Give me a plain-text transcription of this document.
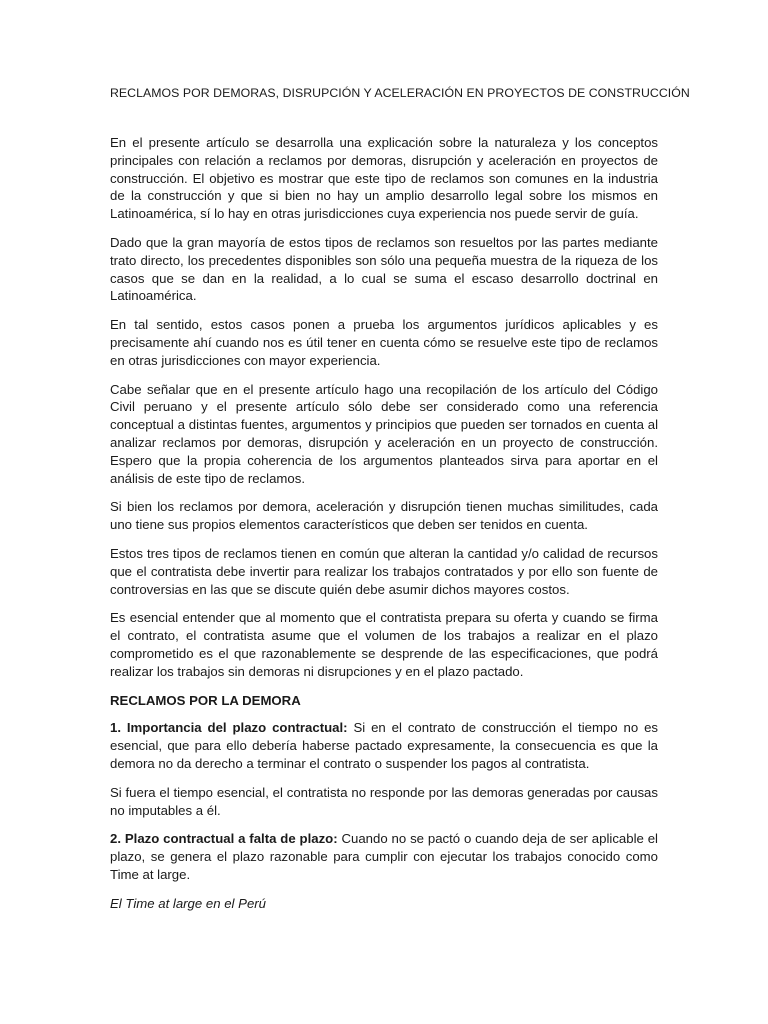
RECLAMOS POR DEMORAS, DISRUPCIÓN Y ACELERACIÓN EN PROYECTOS DE CONSTRUCCIÓN

En el presente artículo se desarrolla una explicación sobre la naturaleza y los conceptos principales con relación a reclamos por demoras, disrupción y aceleración en proyectos de construcción. El objetivo es mostrar que este tipo de reclamos son comunes en la industria de la construcción y que si bien no hay un amplio desarrollo legal sobre los mismos en Latinoamérica, sí lo hay en otras jurisdicciones cuya experiencia nos puede servir de guía.

Dado que la gran mayoría de estos tipos de reclamos son resueltos por las partes mediante trato directo, los precedentes disponibles son sólo una pequeña muestra de la riqueza de los casos que se dan en la realidad, a lo cual se suma el escaso desarrollo doctrinal en Latinoamérica.

En tal sentido, estos casos ponen a prueba los argumentos jurídicos aplicables y es precisamente ahí cuando nos es útil tener en cuenta cómo se resuelve este tipo de reclamos en otras jurisdicciones con mayor experiencia.

Cabe señalar que en el presente artículo hago una recopilación de los artículo del Código Civil peruano y el presente artículo sólo debe ser considerado como una referencia conceptual a distintas fuentes, argumentos y principios que pueden ser tornados en cuenta al analizar reclamos por demoras, disrupción y aceleración en un proyecto de construcción. Espero que la propia coherencia de los argumentos planteados sirva para aportar en el análisis de este tipo de reclamos.

Si bien los reclamos por demora, aceleración y disrupción tienen muchas similitudes, cada uno tiene sus propios elementos característicos que deben ser tenidos en cuenta.

Estos tres tipos de reclamos tienen en común que alteran la cantidad y/o calidad de recursos que el contratista debe invertir para realizar los trabajos contratados y por ello son fuente de controversias en las que se discute quién debe asumir dichos mayores costos.

Es esencial entender que al momento que el contratista prepara su oferta y cuando se firma el contrato, el contratista asume que el volumen de los trabajos a realizar en el plazo comprometido es el que razonablemente se desprende de las especificaciones, que podrá realizar los trabajos sin demoras ni disrupciones y en el plazo pactado.

RECLAMOS POR LA DEMORA

1. Importancia del plazo contractual: Si en el contrato de construcción el tiempo no es esencial, que para ello debería haberse pactado expresamente, la consecuencia es que la demora no da derecho a terminar el contrato o suspender los pagos al contratista.

Si fuera el tiempo esencial, el contratista no responde por las demoras generadas por causas no imputables a él.

2. Plazo contractual a falta de plazo: Cuando no se pactó o cuando deja de ser aplicable el plazo, se genera el plazo razonable para cumplir con ejecutar los trabajos conocido como Time at large.

El Time at large en el Perú
